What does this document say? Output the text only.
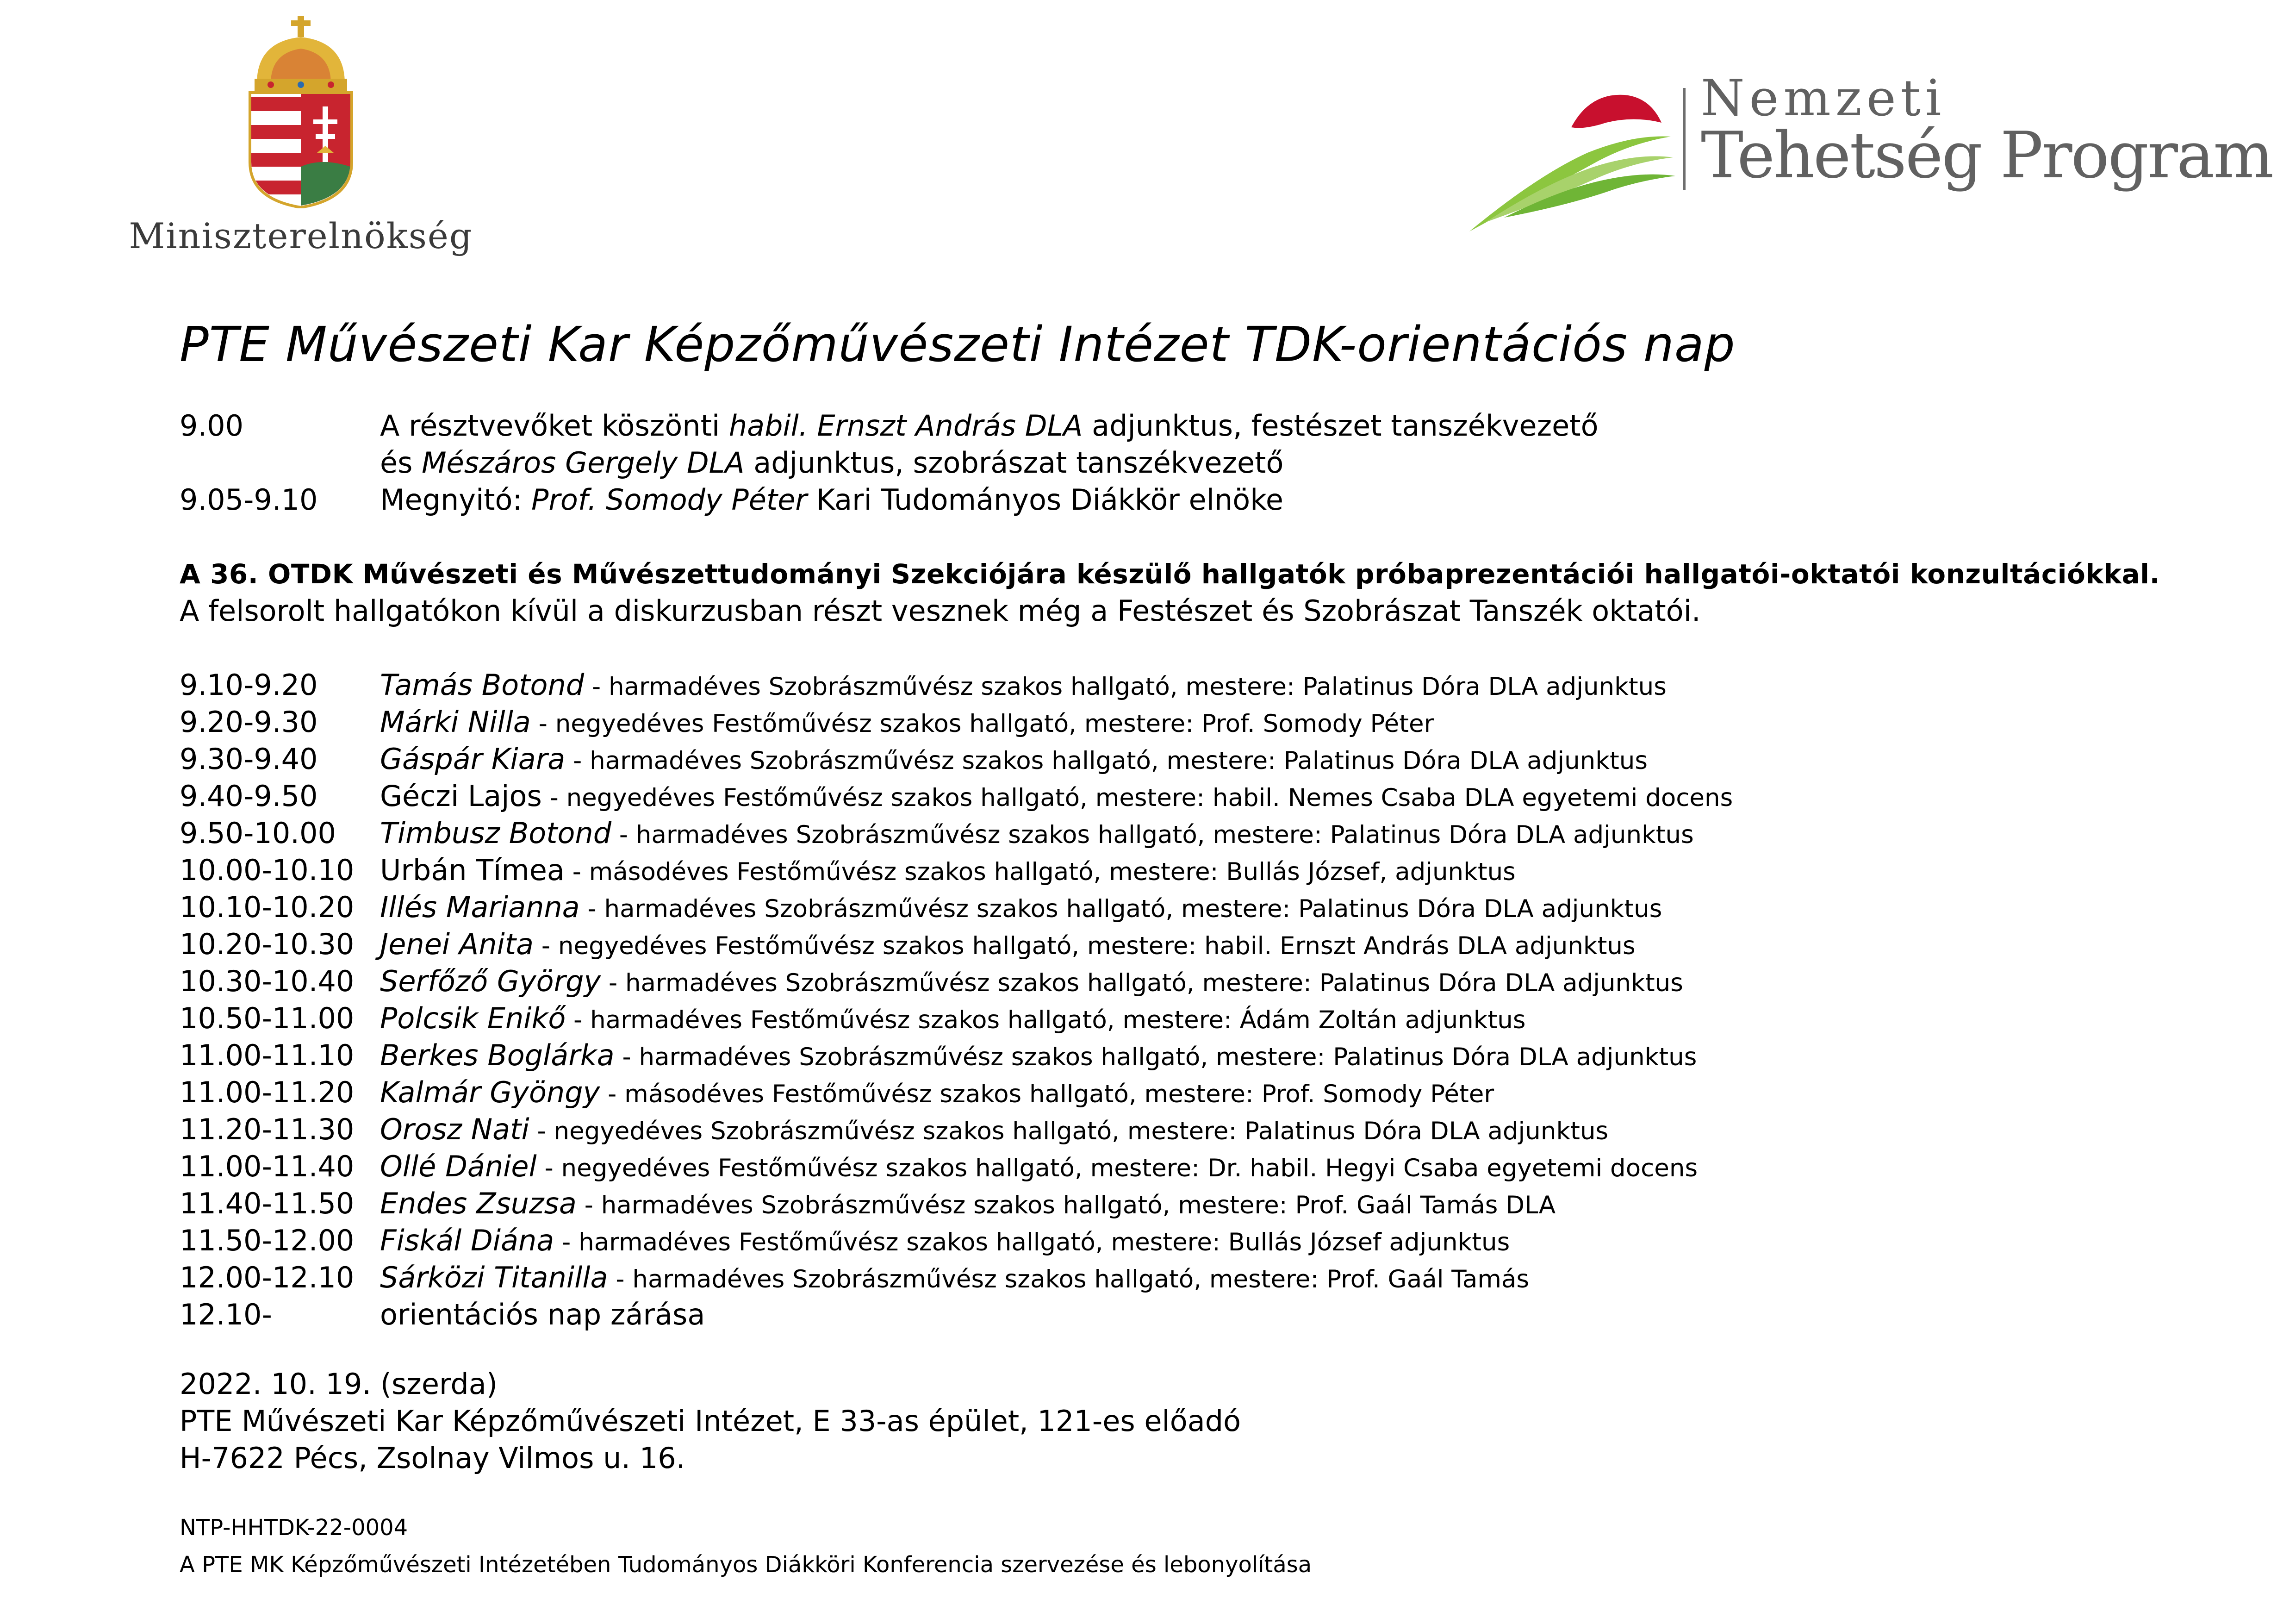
Miniszterelnökség
Nemzeti
Tehetség Program
PTE Művészeti Kar Képzőművészeti Intézet TDK-orientációs nap
9.00	A résztvevőket köszönti habil. Ernszt András DLA adjunktus, festészet tanszékvezető
és Mészáros Gergely DLA adjunktus, szobrászat tanszékvezető
9.05-9.10 Megnyitó: Prof. Somody Péter Kari Tudományos Diákkör elnöke
A 36. OTDK Művészeti és Művészettudományi Szekciójára készülő hallgatók próbaprezentációi hallgatói-oktatói konzultációkkal.
A felsorolt hallgatókon kívül a diskurzusban részt vesznek még a Festészet és Szobrászat Tanszék oktatói.
9.10-9.20 Tamás Botond - harmadéves Szobrászművész szakos hallgató, mestere: Palatinus Dóra DLA adjunktus
9.20-9.30 Márki Nilla - negyedéves Festőművész szakos hallgató, mestere: Prof. Somody Péter
9.30-9.40 Gáspár Kiara - harmadéves Szobrászművész szakos hallgató, mestere: Palatinus Dóra DLA adjunktus
9.40-9.50 Géczi Lajos - negyedéves Festőművész szakos hallgató, mestere: habil. Nemes Csaba DLA egyetemi docens
9.50-10.00 Timbusz Botond - harmadéves Szobrászművész szakos hallgató, mestere: Palatinus Dóra DLA adjunktus
10.00-10.10 Urbán Tímea - másodéves Festőművész szakos hallgató, mestere: Bullás József, adjunktus
10.10-10.20 Illés Marianna - harmadéves Szobrászművész szakos hallgató, mestere: Palatinus Dóra DLA adjunktus
10.20-10.30 Jenei Anita - negyedéves Festőművész szakos hallgató, mestere: habil. Ernszt András DLA adjunktus
10.30-10.40 Serfőző György - harmadéves Szobrászművész szakos hallgató, mestere: Palatinus Dóra DLA adjunktus
10.50-11.00 Polcsik Enikő - harmadéves Festőművész szakos hallgató, mestere: Ádám Zoltán adjunktus
11.00-11.10 Berkes Boglárka - harmadéves Szobrászművész szakos hallgató, mestere: Palatinus Dóra DLA adjunktus
11.00-11.20 Kalmár Gyöngy - másodéves Festőművész szakos hallgató, mestere: Prof. Somody Péter
11.20-11.30 Orosz Nati - negyedéves Szobrászművész szakos hallgató, mestere: Palatinus Dóra DLA adjunktus
11.00-11.40 Ollé Dániel - negyedéves Festőművész szakos hallgató, mestere: Dr. habil. Hegyi Csaba egyetemi docens
11.40-11.50 Endes Zsuzsa - harmadéves Szobrászművész szakos hallgató, mestere: Prof. Gaál Tamás DLA
11.50-12.00 Fiskál Diána - harmadéves Festőművész szakos hallgató, mestere: Bullás József adjunktus
12.00-12.10 Sárközi Titanilla - harmadéves Szobrászművész szakos hallgató, mestere: Prof. Gaál Tamás
12.10-	orientációs nap zárása
2022. 10. 19. (szerda)
PTE Művészeti Kar Képzőművészeti Intézet, E 33-as épület, 121-es előadó
H-7622 Pécs, Zsolnay Vilmos u. 16.
NTP-HHTDK-22-0004
A PTE MK Képzőművészeti Intézetében Tudományos Diákköri Konferencia szervezése és lebonyolítása
